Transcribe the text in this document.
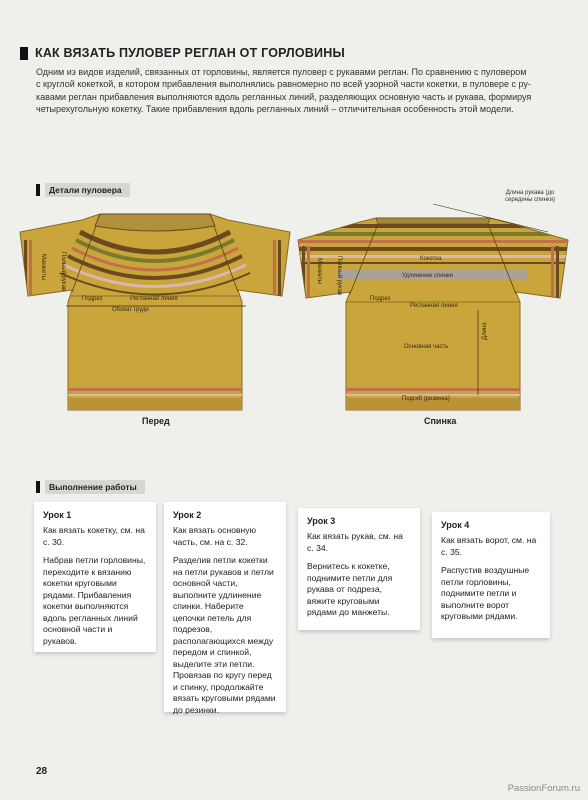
КАК ВЯЗАТЬ ПУЛОВЕР РЕГЛАН ОТ ГОРЛОВИНЫ
Одним из видов изделий, связанных от горловины, является пуловер с рукавами реглан. По сравнению с пуловером
с круглой кокеткой, в котором прибавления выполнялись равномерно по всей узорной части кокетки, в пуловере с ру-
кавами реглан прибавления выполняются вдоль регланных линий, разделяющих основную часть и рукава, формируя
четырехугольную кокетку. Такие прибавления вдоль регланных линий – отличительная особенность этой модели.
Детали пуловера	Длина рукава (до середины спинки)
Манжеты Полный рукав
Подрез	Регланная линия
Обхват груди
Манжеты Полный рукав	Кокетка
Удлинение спинки
Подрез
Регланная линия
Основная часть
Длина
Подгиб (резинка)
Перед	Спинка
Выполнение работы
Урок 1

Как вязать кокетку, см. на с. 30.

Набрав петли горловины, переходите к вязанию кокетки круговыми рядами. Прибавления кокетки выполняются вдоль регланных линий основной части и рукавов.

Урок 2

Как вязать основную часть, см. на с. 32.

Разделив петли кокетки на петли рукавов и петли основной части, выполните удлинение спинки. Наберите цепочки петель для подрезов, располагающихся между передом и спинкой, выделите эти петли. Провязав по кругу перед и спинку, продолжайте вязать круговыми рядами до резинки.

Урок 3

Как вязать рукав, см. на с. 34.

Вернитесь к кокетке, поднимите петли для рукава от подреза, вяжите круговыми рядами до манжеты.

Урок 4

Как вязать ворот, см. на с. 35.

Распустив воздушные петли горловины, поднимите петли и выполните ворот круговыми рядами.

28
PassionForum.ru
